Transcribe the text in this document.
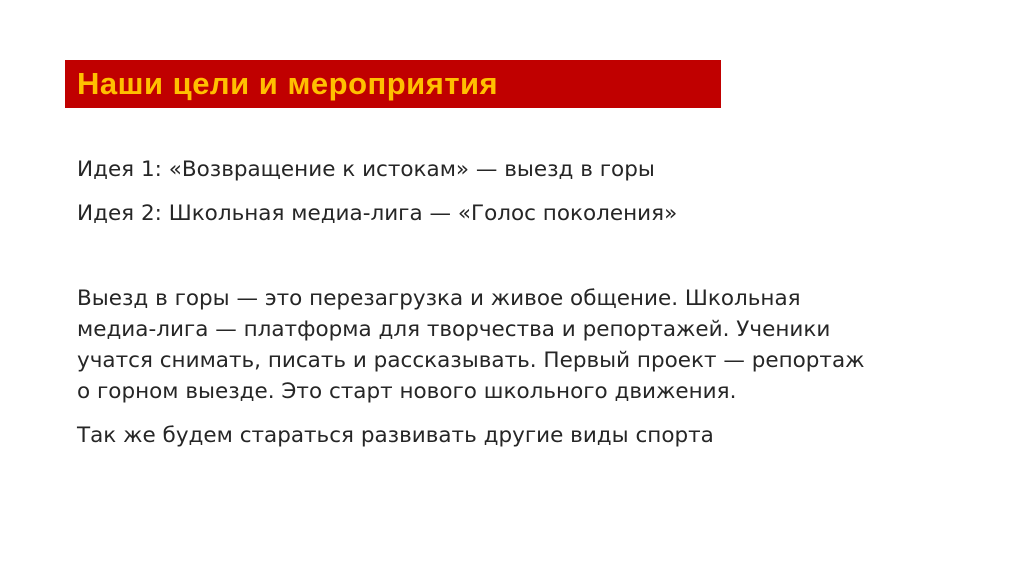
Наши цели и мероприятия

Идея 1: «Возвращение к истокам» — выезд в горы

Идея 2: Школьная медиа-лига — «Голос поколения»

Выезд в горы — это перезагрузка и живое общение. Школьная

медиа-лига — платформа для творчества и репортажей. Ученики

учатся снимать, писать и рассказывать. Первый проект — репортаж

о горном выезде. Это старт нового школьного движения.

Так же будем стараться развивать другие виды спорта
